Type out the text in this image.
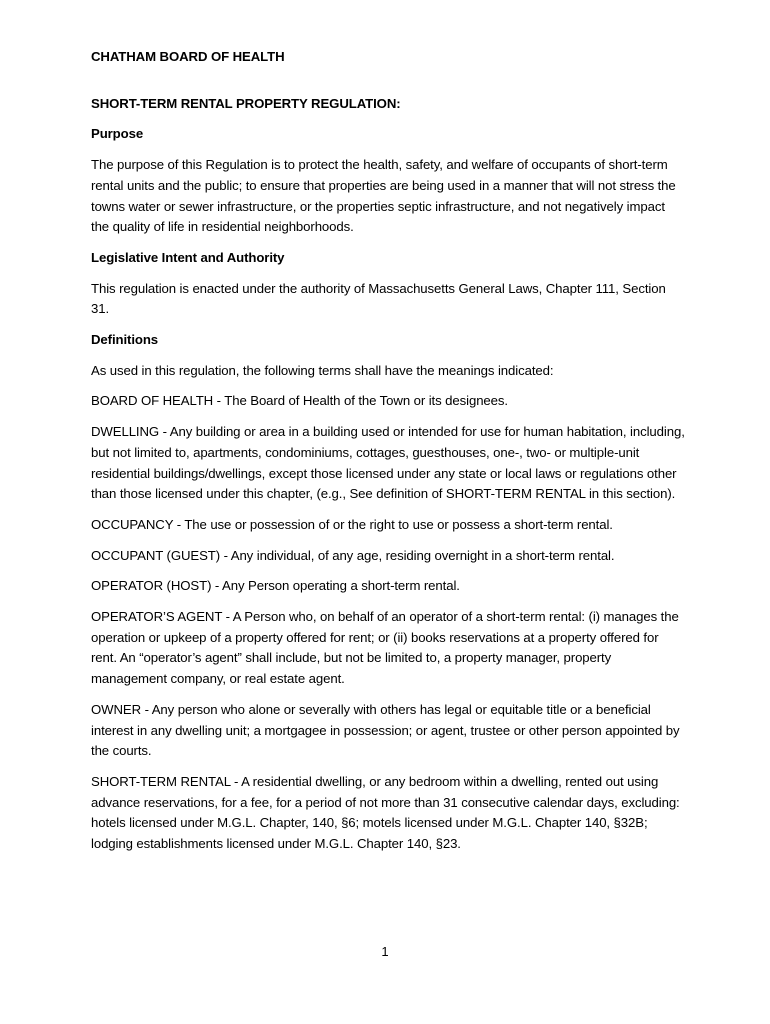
CHATHAM BOARD OF HEALTH
SHORT-TERM RENTAL PROPERTY REGULATION:
Purpose
The purpose of this Regulation is to protect the health, safety, and welfare of occupants of short-term rental units and the public; to ensure that properties are being used in a manner that will not stress the towns water or sewer infrastructure, or the properties septic infrastructure, and not negatively impact the quality of life in residential neighborhoods.
Legislative Intent and Authority
This regulation is enacted under the authority of Massachusetts General Laws, Chapter 111, Section 31.
Definitions
As used in this regulation, the following terms shall have the meanings indicated:
BOARD OF HEALTH - The Board of Health of the Town or its designees.
DWELLING - Any building or area in a building used or intended for use for human habitation, including, but not limited to, apartments, condominiums, cottages, guesthouses, one-, two- or multiple-unit residential buildings/dwellings, except those licensed under any state or local laws or regulations other than those licensed under this chapter, (e.g., See definition of SHORT-TERM RENTAL in this section).
OCCUPANCY - The use or possession of or the right to use or possess a short-term rental.
OCCUPANT (GUEST) - Any individual, of any age, residing overnight in a short-term rental.
OPERATOR (HOST) - Any Person operating a short-term rental.
OPERATOR’S AGENT - A Person who, on behalf of an operator of a short-term rental: (i) manages the operation or upkeep of a property offered for rent; or (ii) books reservations at a property offered for rent. An “operator’s agent” shall include, but not be limited to, a property manager, property management company, or real estate agent.
OWNER - Any person who alone or severally with others has legal or equitable title or a beneficial interest in any dwelling unit; a mortgagee in possession; or agent, trustee or other person appointed by the courts.
SHORT-TERM RENTAL - A residential dwelling, or any bedroom within a dwelling, rented out using advance reservations, for a fee, for a period of not more than 31 consecutive calendar days, excluding: hotels licensed under M.G.L. Chapter, 140, §6; motels licensed under M.G.L. Chapter 140, §32B; lodging establishments licensed under M.G.L. Chapter 140, §23.
1
